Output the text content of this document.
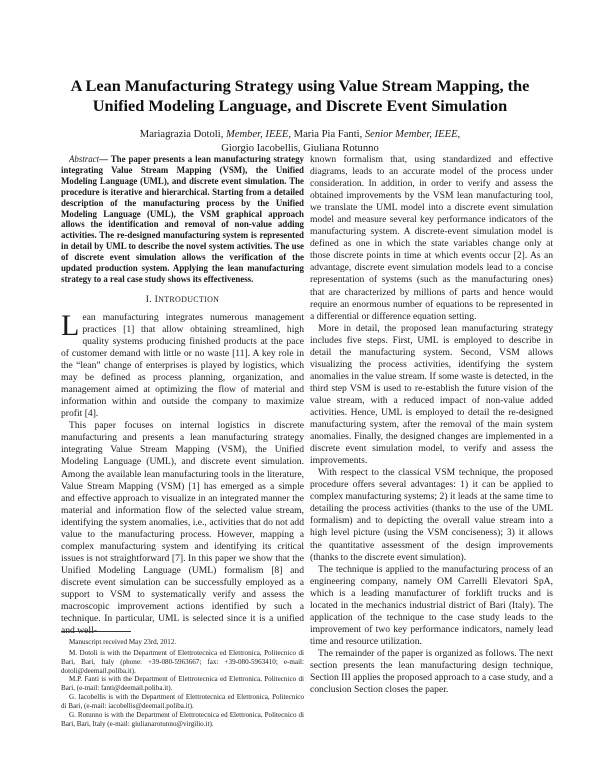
A Lean Manufacturing Strategy using Value Stream Mapping, the
Unified Modeling Language, and Discrete Event Simulation
Mariagrazia Dotoli, Member, IEEE, Maria Pia Fanti, Senior Member, IEEE,
Giorgio Iacobellis, Giuliana Rotunno

Abstract— The paper presents a lean manufacturing strategy integrating Value Stream Mapping (VSM), the Unified Modeling Language (UML), and discrete event simulation. The procedure is iterative and hierarchical. Starting from a detailed description of the manufacturing process by the Unified Modeling Language (UML), the VSM graphical approach allows the identification and removal of non-value adding activities. The re-designed manufacturing system is represented in detail by UML to describe the novel system activities. The use of discrete event simulation allows the verification of the updated production system. Applying the lean manufacturing strategy to a real case study shows its effectiveness.

I. INTRODUCTION

Lean manufacturing integrates numerous management practices [1] that allow obtaining streamlined, high quality systems producing finished products at the pace of customer demand with little or no waste [11]. A key role in the “lean” change of enterprises is played by logistics, which may be defined as process planning, organization, and management aimed at optimizing the flow of material and information within and outside the company to maximize profit [4].

This paper focuses on internal logistics in discrete manufacturing and presents a lean manufacturing strategy integrating Value Stream Mapping (VSM), the Unified Modeling Language (UML), and discrete event simulation. Among the available lean manufacturing tools in the literature, Value Stream Mapping (VSM) [1] has emerged as a simple and effective approach to visualize in an integrated manner the material and information flow of the selected value stream, identifying the system anomalies, i.e., activities that do not add value to the manufacturing process. However, mapping a complex manufacturing system and identifying its critical issues is not straightforward [7]. In this paper we show that the Unified Modeling Language (UML) formalism [8] and discrete event simulation can be successfully employed as a support to VSM to systematically verify and assess the macroscopic improvement actions identified by such a technique. In particular, UML is selected since it is a unified and well-

known formalism that, using standardized and effective diagrams, leads to an accurate model of the process under consideration. In addition, in order to verify and assess the obtained improvements by the VSM lean manufacturing tool, we translate the UML model into a discrete event simulation model and measure several key performance indicators of the manufacturing system. A discrete-event simulation model is defined as one in which the state variables change only at those discrete points in time at which events occur [2]. As an advantage, discrete event simulation models lead to a concise representation of systems (such as the manufacturing ones) that are characterized by millions of parts and hence would require an enormous number of equations to be represented in a differential or difference equation setting.

More in detail, the proposed lean manufacturing strategy includes five steps. First, UML is employed to describe in detail the manufacturing system. Second, VSM allows visualizing the process activities, identifying the system anomalies in the value stream. If some waste is detected, in the third step VSM is used to re-establish the future vision of the value stream, with a reduced impact of non-value added activities. Hence, UML is employed to detail the re-designed manufacturing system, after the removal of the main system anomalies. Finally, the designed changes are implemented in a discrete event simulation model, to verify and assess the improvements.

With respect to the classical VSM technique, the proposed procedure offers several advantages: 1) it can be applied to complex manufacturing systems; 2) it leads at the same time to detailing the process activities (thanks to the use of the UML formalism) and to depicting the overall value stream into a high level picture (using the VSM conciseness); 3) it allows the quantitative assessment of the design improvements (thanks to the discrete event simulation).

The technique is applied to the manufacturing process of an engineering company, namely OM Carrelli Elevatori SpA, which is a leading manufacturer of forklift trucks and is located in the mechanics industrial district of Bari (Italy). The application of the technique to the case study leads to the improvement of two key performance indicators, namely lead time and resource utilization.

The remainder of the paper is organized as follows. The next section presents the lean manufacturing design technique, Section III applies the proposed approach to a case study, and a conclusion Section closes the paper.

Manuscript received May 23rd, 2012.

M. Dotoli is with the Department of Elettrotecnica ed Elettronica, Politecnico di Bari, Bari, Italy (phone: +39-080-5963667; fax: +39-080-5963410; e-mail: dotoli@deemail.poliba.it).

M.P. Fanti is with the Department of Elettrotecnica ed Elettronica, Politecnico di Bari, (e-mail: fanti@deemail.poliba.it).

G. Iacobellis is with the Department of Elettrotecnica ed Elettronica, Politecnico di Bari, (e-mail: iacobellis@deemail.poliba.it).

G. Rotunno is with the Department of Elettrotecnica ed Elettronica, Politecnico di Bari, Bari, Italy (e-mail: giulianarotunno@virgilio.it).
